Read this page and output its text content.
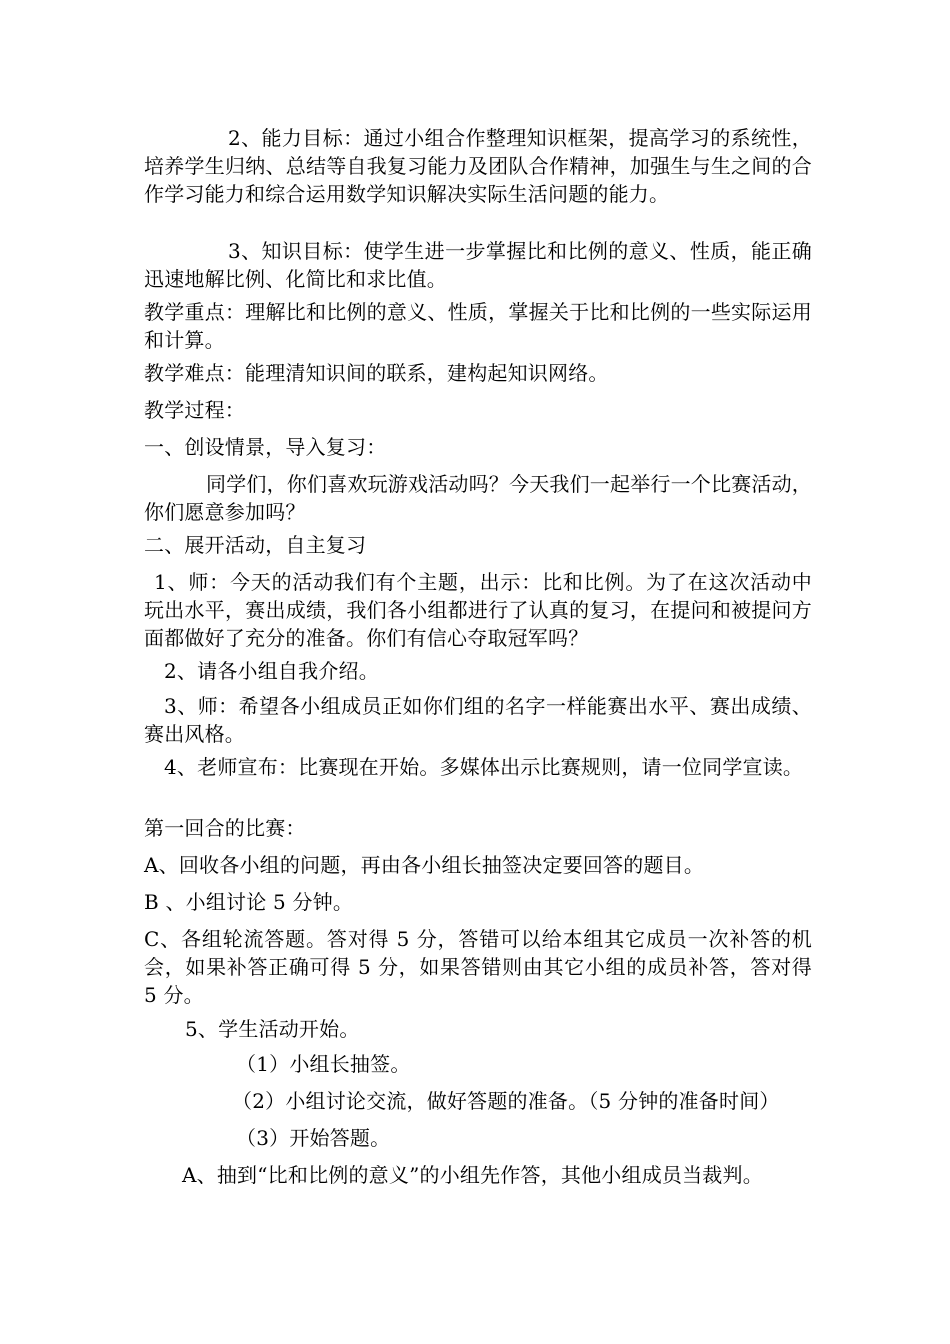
2、能力目标：通过小组合作整理知识框架，提高学习的系统性，培养学生归纳、总结等自我复习能力及团队合作精神，加强生与生之间的合作学习能力和综合运用数学知识解决实际生活问题的能力。

3、知识目标：使学生进一步掌握比和比例的意义、性质，能正确迅速地解比例、化简比和求比值。

教学重点：理解比和比例的意义、性质，掌握关于比和比例的一些实际运用和计算。

教学难点：能理清知识间的联系，建构起知识网络。

教学过程：

一、创设情景，导入复习：

同学们，你们喜欢玩游戏活动吗？今天我们一起举行一个比赛活动，你们愿意参加吗？

二、展开活动，自主复习

1、师：今天的活动我们有个主题，出示：比和比例。为了在这次活动中玩出水平，赛出成绩，我们各小组都进行了认真的复习，在提问和被提问方面都做好了充分的准备。你们有信心夺取冠军吗？

2、请各小组自我介绍。

3、师：希望各小组成员正如你们组的名字一样能赛出水平、赛出成绩、赛出风格。

4、老师宣布：比赛现在开始。多媒体出示比赛规则，请一位同学宣读。

第一回合的比赛：

A、回收各小组的问题，再由各小组长抽签决定要回答的题目。

B 、小组讨论 5 分钟。

C、各组轮流答题。答对得 5 分，答错可以给本组其它成员一次补答的机会，如果补答正确可得 5 分，如果答错则由其它小组的成员补答，答对得 5 分。

5、学生活动开始。

（1）小组长抽签。

（2）小组讨论交流，做好答题的准备。（5 分钟的准备时间）

（3）开始答题。

A、抽到“比和比例的意义”的小组先作答，其他小组成员当裁判。
